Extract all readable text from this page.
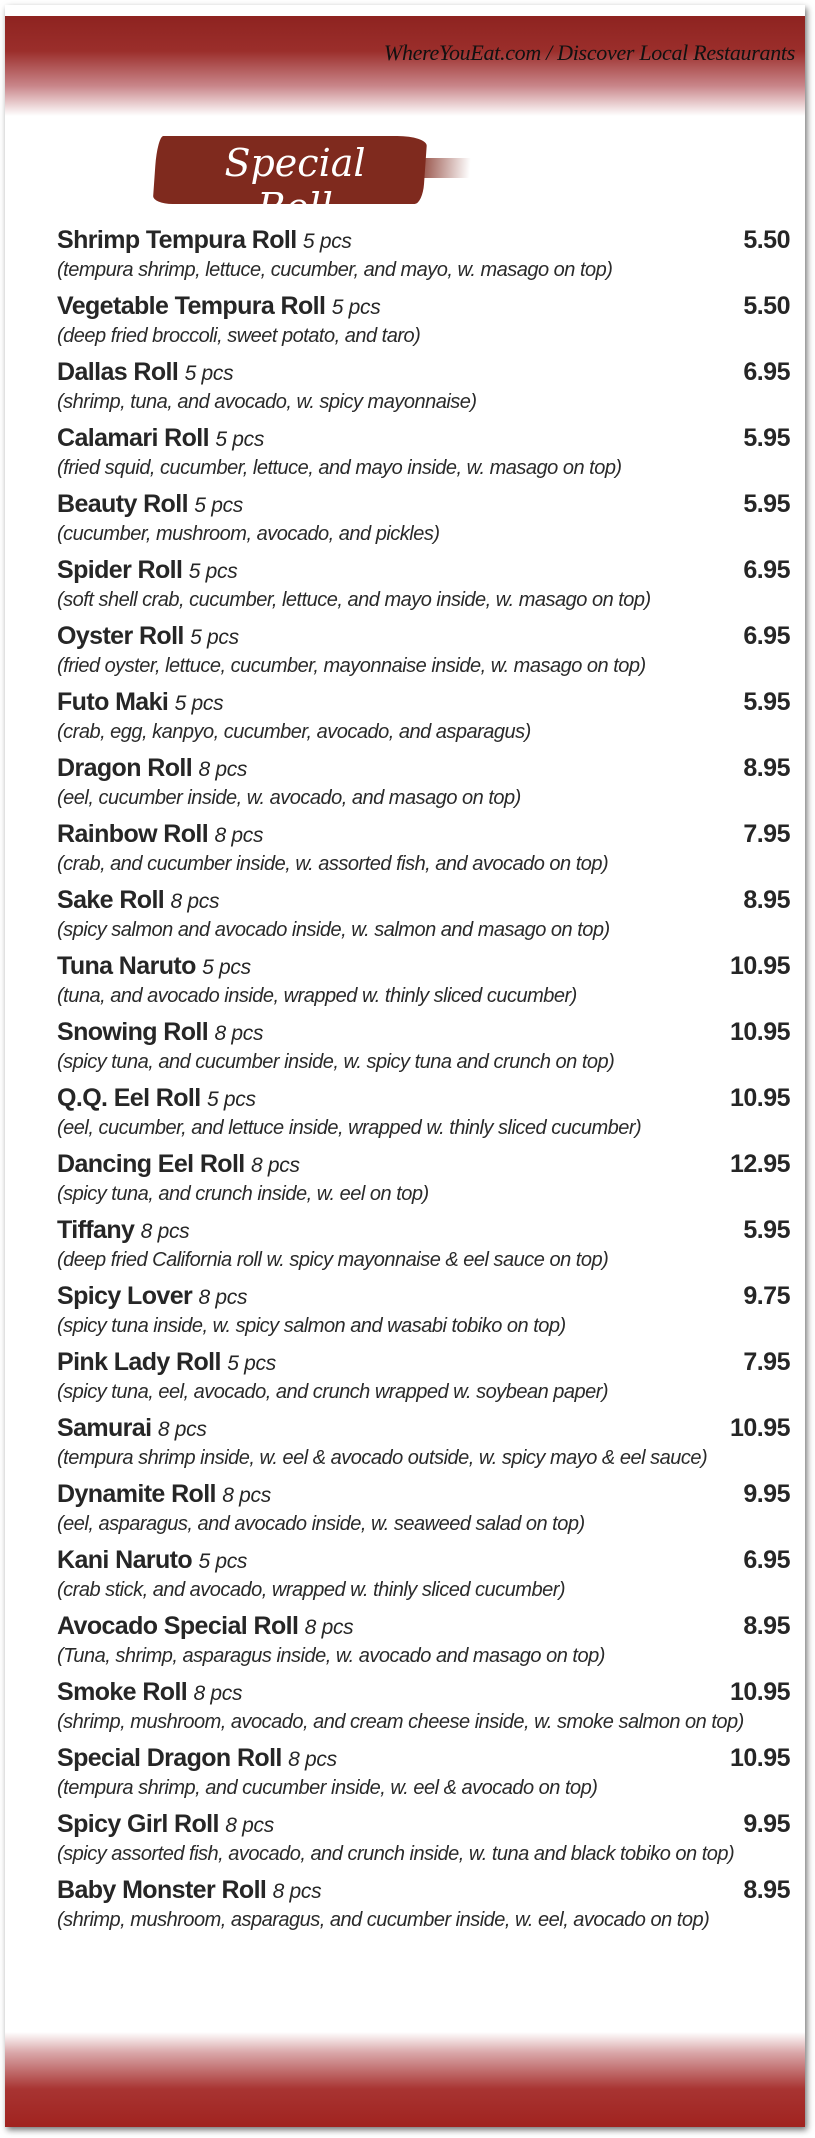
WhereYouEat.com / Discover Local Restaurants
Special Roll
Shrimp Tempura Roll 5 pcs	5.50
(tempura shrimp, lettuce, cucumber, and mayo, w. masago on top)
Vegetable Tempura Roll 5 pcs	5.50
(deep fried broccoli, sweet potato, and taro)
Dallas Roll 5 pcs	6.95
(shrimp, tuna, and avocado, w. spicy mayonnaise)
Calamari Roll 5 pcs	5.95
(fried squid, cucumber, lettuce, and mayo inside, w. masago on top)
Beauty Roll 5 pcs	5.95
(cucumber, mushroom, avocado, and pickles)
Spider Roll 5 pcs	6.95
(soft shell crab, cucumber, lettuce, and mayo inside, w. masago on top)
Oyster Roll 5 pcs	6.95
(fried oyster, lettuce, cucumber, mayonnaise inside, w. masago on top)
Futo Maki 5 pcs	5.95
(crab, egg, kanpyo, cucumber, avocado, and asparagus)
Dragon Roll 8 pcs	8.95
(eel, cucumber inside, w. avocado, and masago on top)
Rainbow Roll 8 pcs	7.95
(crab, and cucumber inside, w. assorted fish, and avocado on top)
Sake Roll 8 pcs	8.95
(spicy salmon and avocado inside, w. salmon and masago on top)
Tuna Naruto 5 pcs	10.95
(tuna, and avocado inside, wrapped w. thinly sliced cucumber)
Snowing Roll 8 pcs	10.95
(spicy tuna, and cucumber inside, w. spicy tuna and crunch on top)
Q.Q. Eel Roll 5 pcs	10.95
(eel, cucumber, and lettuce inside, wrapped w. thinly sliced cucumber)
Dancing Eel Roll 8 pcs	12.95
(spicy tuna, and crunch inside, w. eel on top)
Tiffany 8 pcs	5.95
(deep fried California roll w. spicy mayonnaise & eel sauce on top)
Spicy Lover 8 pcs	9.75
(spicy tuna inside, w. spicy salmon and wasabi tobiko on top)
Pink Lady Roll 5 pcs	7.95
(spicy tuna, eel, avocado, and crunch wrapped w. soybean paper)
Samurai 8 pcs	10.95
(tempura shrimp inside, w. eel & avocado outside, w. spicy mayo & eel sauce)
Dynamite Roll 8 pcs	9.95
(eel, asparagus, and avocado inside, w. seaweed salad on top)
Kani Naruto 5 pcs	6.95
(crab stick, and avocado, wrapped w. thinly sliced cucumber)
Avocado Special Roll 8 pcs	8.95
(Tuna, shrimp, asparagus inside, w. avocado and masago on top)
Smoke Roll 8 pcs	10.95
(shrimp, mushroom, avocado, and cream cheese inside, w. smoke salmon on top)
Special Dragon Roll 8 pcs	10.95
(tempura shrimp, and cucumber inside, w. eel & avocado on top)
Spicy Girl Roll 8 pcs	9.95
(spicy assorted fish, avocado, and crunch inside, w. tuna and black tobiko on top)
Baby Monster Roll 8 pcs	8.95
(shrimp, mushroom, asparagus, and cucumber inside, w. eel, avocado on top)
